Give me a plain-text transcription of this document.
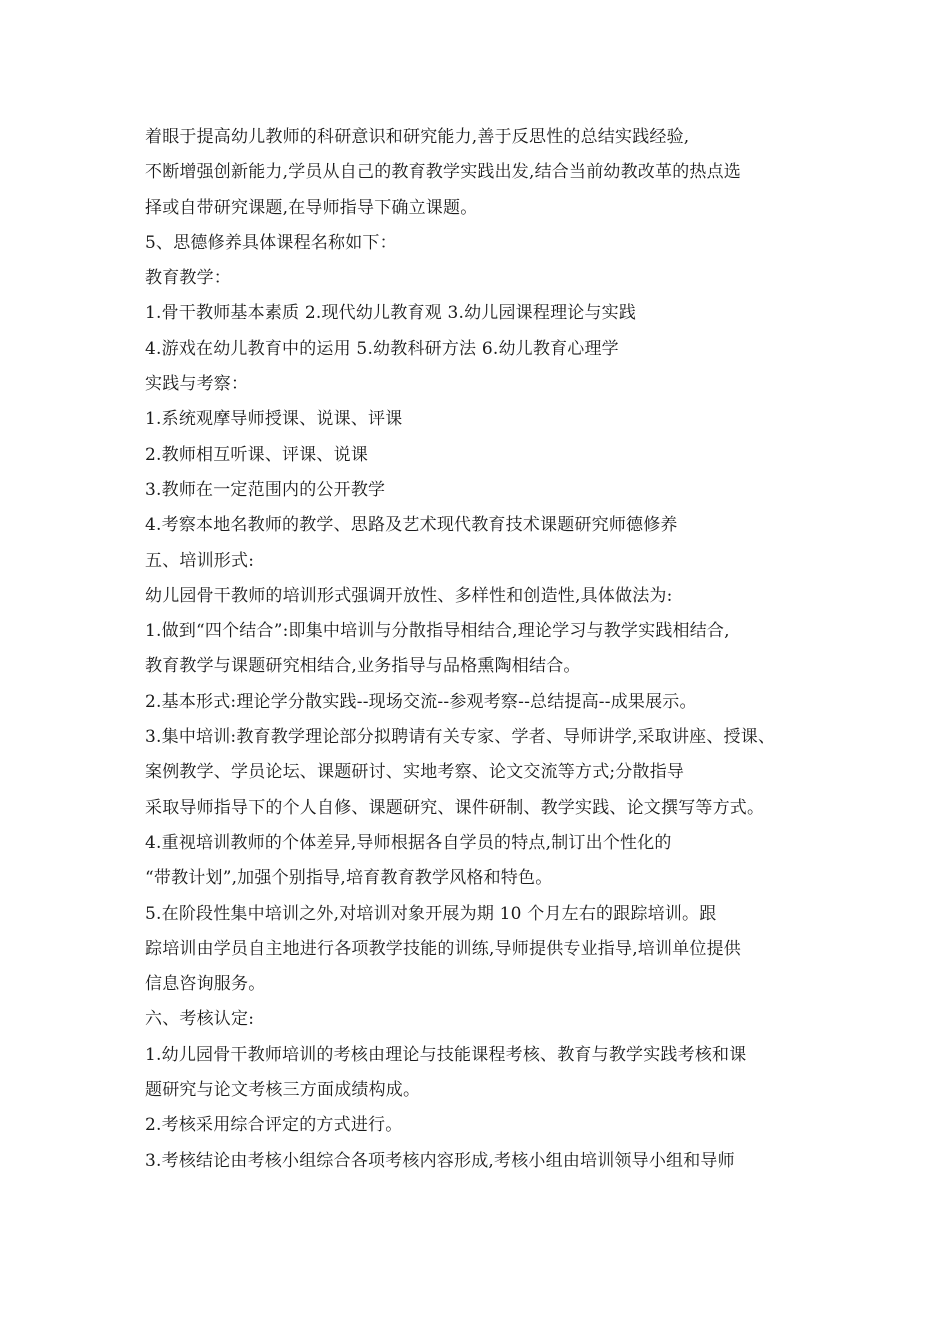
着眼于提高幼儿教师的科研意识和研究能力,善于反思性的总结实践经验,
不断增强创新能力,学员从自己的教育教学实践出发,结合当前幼教改革的热点选
择或自带研究课题,在导师指导下确立课题。
5、思德修养具体课程名称如下：
教育教学：
1.骨干教师基本素质 2.现代幼儿教育观 3.幼儿园课程理论与实践
4.游戏在幼儿教育中的运用 5.幼教科研方法 6.幼儿教育心理学
实践与考察：
1.系统观摩导师授课、说课、评课
2.教师相互听课、评课、说课
3.教师在一定范围内的公开教学
4.考察本地名教师的教学、思路及艺术现代教育技术课题研究师德修养
五、培训形式:
幼儿园骨干教师的培训形式强调开放性、多样性和创造性,具体做法为:
1.做到“四个结合”:即集中培训与分散指导相结合,理论学习与教学实践相结合,
教育教学与课题研究相结合,业务指导与品格熏陶相结合。
2.基本形式:理论学分散实践--现场交流--参观考察--总结提高--成果展示。
3.集中培训:教育教学理论部分拟聘请有关专家、学者、导师讲学,采取讲座、授课、
案例教学、学员论坛、课题研讨、实地考察、论文交流等方式;分散指导
采取导师指导下的个人自修、课题研究、课件研制、教学实践、论文撰写等方式。
4.重视培训教师的个体差异,导师根据各自学员的特点,制订出个性化的
“带教计划”,加强个别指导,培育教育教学风格和特色。
5.在阶段性集中培训之外,对培训对象开展为期 10 个月左右的跟踪培训。跟
踪培训由学员自主地进行各项教学技能的训练,导师提供专业指导,培训单位提供
信息咨询服务。
六、考核认定:
1.幼儿园骨干教师培训的考核由理论与技能课程考核、教育与教学实践考核和课
题研究与论文考核三方面成绩构成。
2.考核采用综合评定的方式进行。
3.考核结论由考核小组综合各项考核内容形成,考核小组由培训领导小组和导师
